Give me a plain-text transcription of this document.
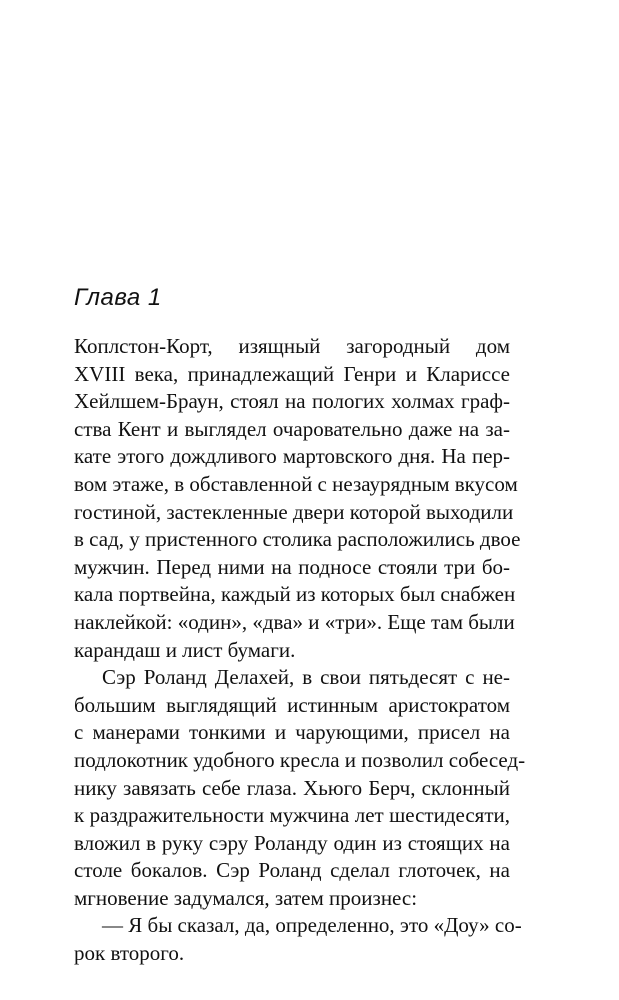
Глава 1
Коплстон-Корт, изящный загородный дом
XVIII века, принадлежащий Генри и Клариссе
Хейлшем-Браун, стоял на пологих холмах граф-
ства Кент и выглядел очаровательно даже на за-
кате этого дождливого мартовского дня. На пер-
вом этаже, в обставленной с незаурядным вкусом
гостиной, застекленные двери которой выходили
в сад, у пристенного столика расположились двое
мужчин. Перед ними на подносе стояли три бо-
кала портвейна, каждый из которых был снабжен
наклейкой: «один», «два» и «три». Еще там были
карандаш и лист бумаги.
Сэр Роланд Делахей, в свои пятьдесят с не-
большим выглядящий истинным аристократом
с манерами тонкими и чарующими, присел на
подлокотник удобного кресла и позволил собесед-
нику завязать себе глаза. Хьюго Берч, склонный
к раздражительности мужчина лет шестидесяти,
вложил в руку сэру Роланду один из стоящих на
столе бокалов. Сэр Роланд сделал глоточек, на
мгновение задумался, затем произнес:
— Я бы сказал, да, определенно, это «Доу» со-
рок второго.
